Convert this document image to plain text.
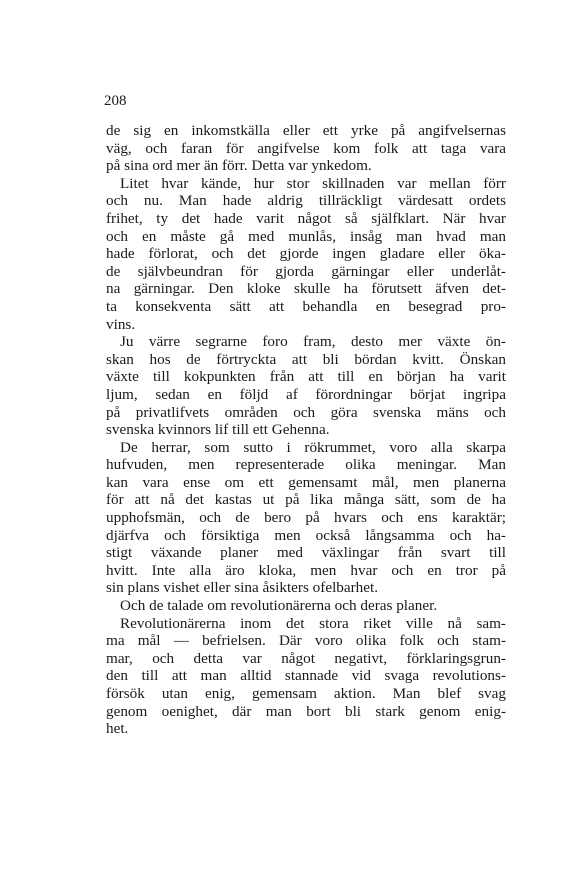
208
de sig en inkomstkälla eller ett yrke på angifvelsernas
väg, och faran för angifvelse kom folk att taga vara
på sina ord mer än förr. Detta var ynkedom.
Litet hvar kände, hur stor skillnaden var mellan förr
och nu. Man hade aldrig tillräckligt värdesatt ordets
frihet, ty det hade varit något så själfklart. När hvar
och en måste gå med munlås, insåg man hvad man
hade förlorat, och det gjorde ingen gladare eller öka-
de självbeundran för gjorda gärningar eller underlåt-
na gärningar. Den kloke skulle ha förutsett äfven det-
ta konsekventa sätt att behandla en besegrad pro-
vins.
Ju värre segrarne foro fram, desto mer växte ön-
skan hos de förtryckta att bli bördan kvitt. Önskan
växte till kokpunkten från att till en början ha varit
ljum, sedan en följd af förordningar börjat ingripa
på privatlifvets områden och göra svenska mäns och
svenska kvinnors lif till ett Gehenna.
De herrar, som sutto i rökrummet, voro alla skarpa
hufvuden, men representerade olika meningar. Man
kan vara ense om ett gemensamt mål, men planerna
för att nå det kastas ut på lika många sätt, som de ha
upphofsmän, och de bero på hvars och ens karaktär;
djärfva och försiktiga men också långsamma och ha-
stigt växande planer med växlingar från svart till
hvitt. Inte alla äro kloka, men hvar och en tror på
sin plans vishet eller sina åsikters ofelbarhet.
Och de talade om revolutionärerna och deras planer.
Revolutionärerna inom det stora riket ville nå sam-
ma mål — befrielsen. Där voro olika folk och stam-
mar, och detta var något negativt, förklaringsgrun-
den till att man alltid stannade vid svaga revolutions-
försök utan enig, gemensam aktion. Man blef svag
genom oenighet, där man bort bli stark genom enig-
het.
